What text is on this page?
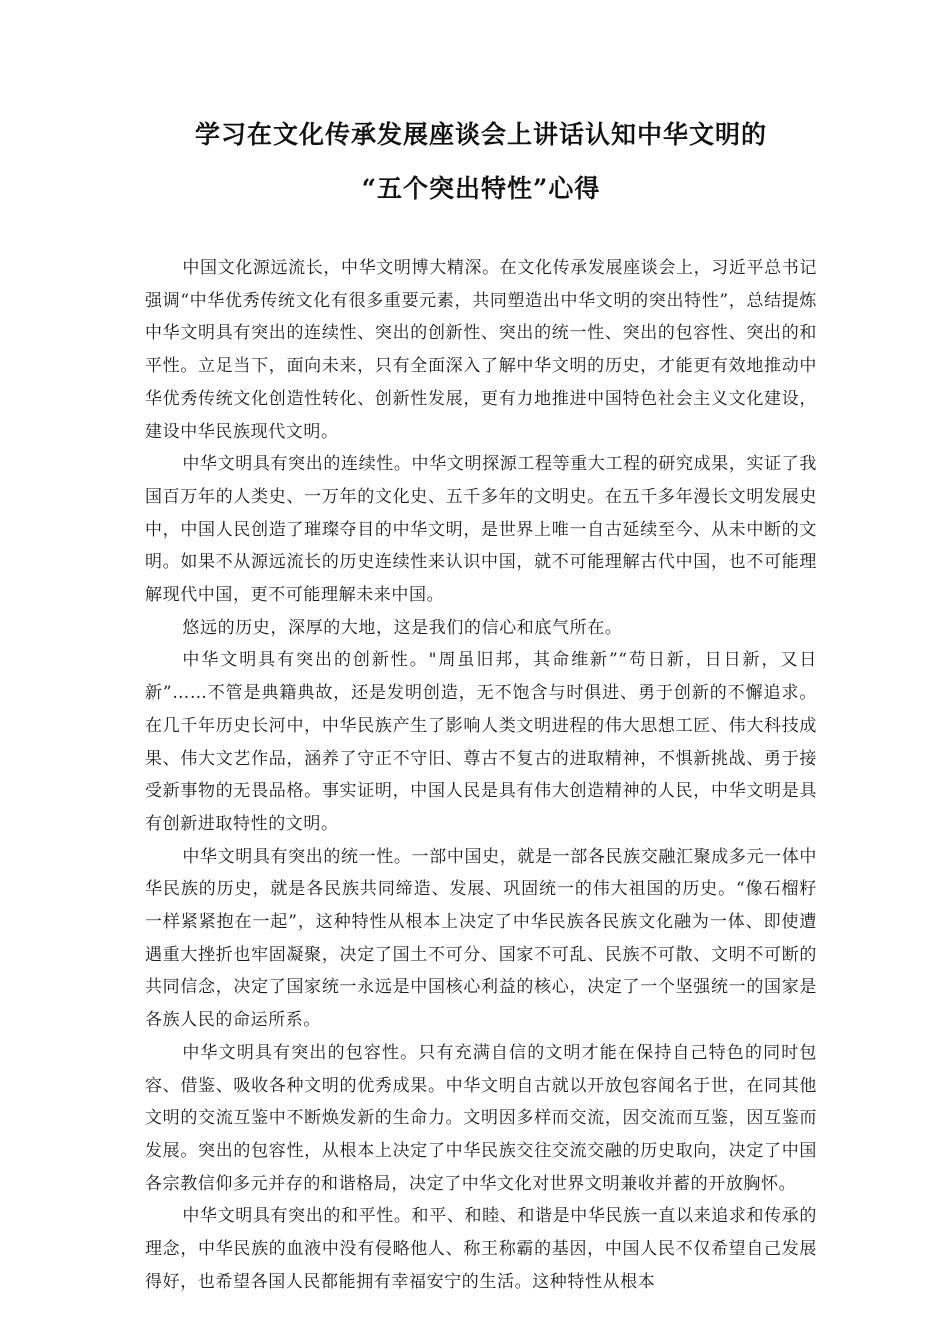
学习在文化传承发展座谈会上讲话认知中华文明的
“五个突出特性”心得

中国文化源远流长，中华文明博大精深。在文化传承发展座谈会上，习近平总书记强调“中华优秀传统文化有很多重要元素，共同塑造出中华文明的突出特性”，总结提炼中华文明具有突出的连续性、突出的创新性、突出的统一性、突出的包容性、突出的和平性。立足当下，面向未来，只有全面深入了解中华文明的历史，才能更有效地推动中华优秀传统文化创造性转化、创新性发展，更有力地推进中国特色社会主义文化建设，建设中华民族现代文明。

中华文明具有突出的连续性。中华文明探源工程等重大工程的研究成果，实证了我国百万年的人类史、一万年的文化史、五千多年的文明史。在五千多年漫长文明发展史中，中国人民创造了璀璨夺目的中华文明，是世界上唯一自古延续至今、从未中断的文明。如果不从源远流长的历史连续性来认识中国，就不可能理解古代中国，也不可能理解现代中国，更不可能理解未来中国。

悠远的历史，深厚的大地，这是我们的信心和底气所在。

中华文明具有突出的创新性。"周虽旧邦，其命维新”“苟日新，日日新，又日新”……不管是典籍典故，还是发明创造，无不饱含与时俱进、勇于创新的不懈追求。在几千年历史长河中，中华民族产生了影响人类文明进程的伟大思想工匠、伟大科技成果、伟大文艺作品，涵养了守正不守旧、尊古不复古的进取精神，不惧新挑战、勇于接受新事物的无畏品格。事实证明，中国人民是具有伟大创造精神的人民，中华文明是具有创新进取特性的文明。

中华文明具有突出的统一性。一部中国史，就是一部各民族交融汇聚成多元一体中华民族的历史，就是各民族共同缔造、发展、巩固统一的伟大祖国的历史。“像石榴籽一样紧紧抱在一起”，这种特性从根本上决定了中华民族各民族文化融为一体、即使遭遇重大挫折也牢固凝聚，决定了国土不可分、国家不可乱、民族不可散、文明不可断的共同信念，决定了国家统一永远是中国核心利益的核心，决定了一个坚强统一的国家是各族人民的命运所系。

中华文明具有突出的包容性。只有充满自信的文明才能在保持自己特色的同时包容、借鉴、吸收各种文明的优秀成果。中华文明自古就以开放包容闻名于世，在同其他文明的交流互鉴中不断焕发新的生命力。文明因多样而交流，因交流而互鉴，因互鉴而发展。突出的包容性，从根本上决定了中华民族交往交流交融的历史取向，决定了中国各宗教信仰多元并存的和谐格局，决定了中华文化对世界文明兼收并蓄的开放胸怀。

中华文明具有突出的和平性。和平、和睦、和谐是中华民族一直以来追求和传承的理念，中华民族的血液中没有侵略他人、称王称霸的基因，中国人民不仅希望自己发展得好，也希望各国人民都能拥有幸福安宁的生活。这种特性从根本
